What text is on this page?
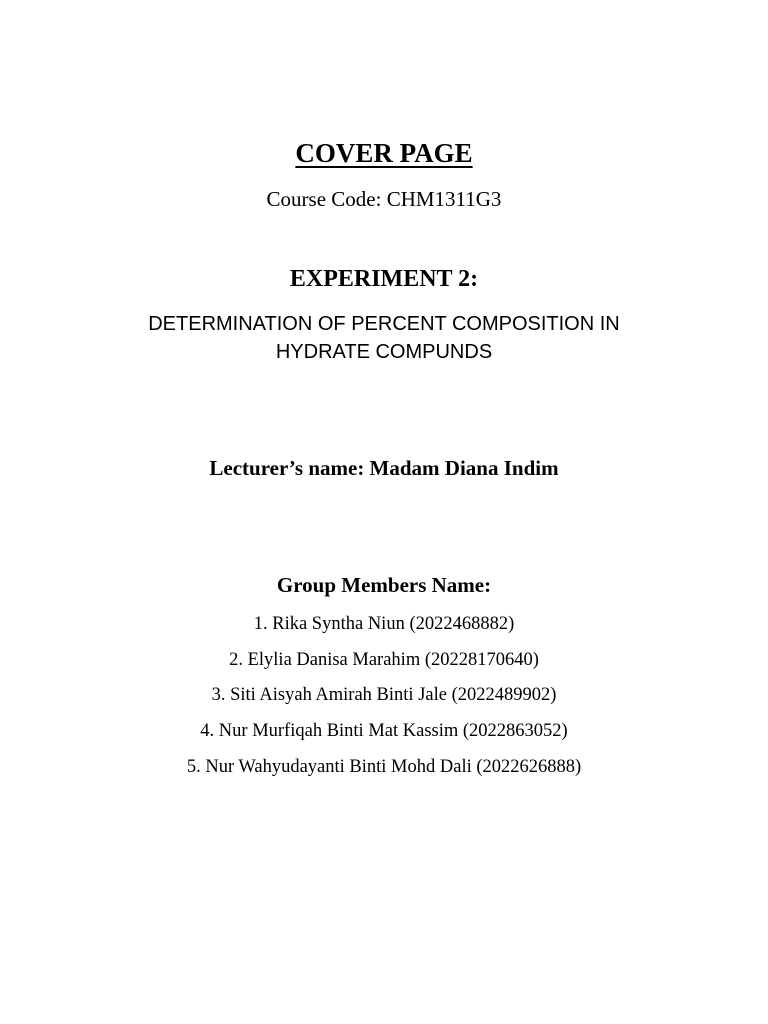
COVER PAGE
Course Code: CHM1311G3
EXPERIMENT 2:
DETERMINATION OF PERCENT COMPOSITION IN
HYDRATE COMPUNDS
Lecturer’s name: Madam Diana Indim
Group Members Name:
1. Rika Syntha Niun (2022468882)
2. Elylia Danisa Marahim (20228170640)
3. Siti Aisyah Amirah Binti Jale (2022489902)
4. Nur Murfiqah Binti Mat Kassim (2022863052)
5. Nur Wahyudayanti Binti Mohd Dali (2022626888)
